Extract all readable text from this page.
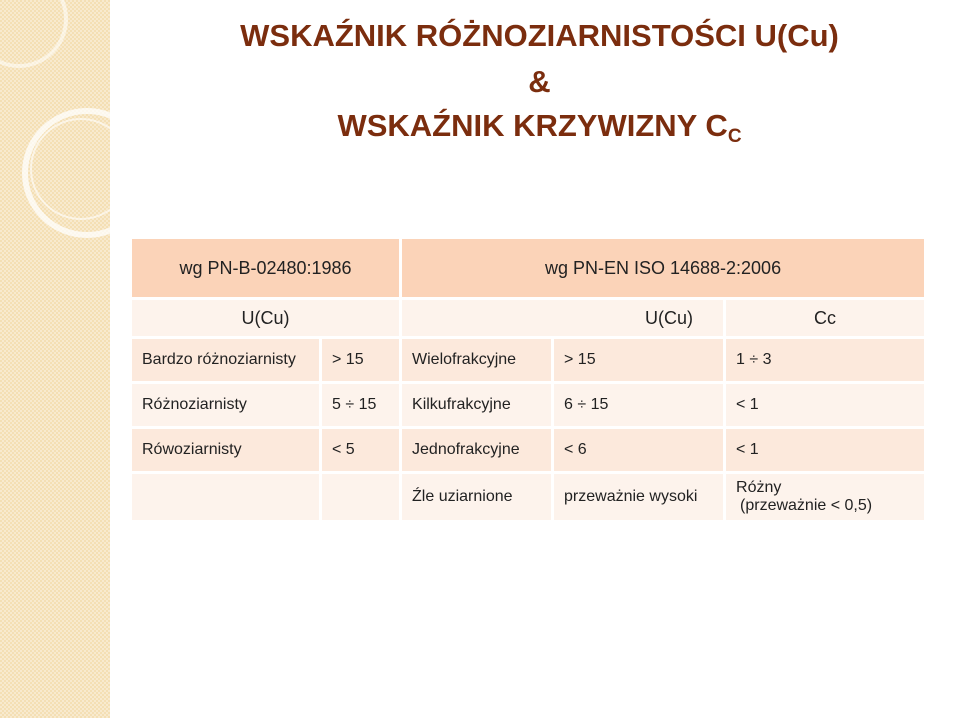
WSKAŹNIK RÓŻNOZIARNISTOŚCI U(Cu)
&
WSKAŹNIK KRZYWIZNY $C_C$
wg PN-B-02480:1986		wg PN-EN ISO 14688-2:2006		
U(Cu)		U(Cu)		Cc
Bardzo różnoziarnisty	> 15	Wielofrakcyjne	> 15	1 ÷ 3
Różnoziarnisty	5 ÷ 15	Kilkufrakcyjne	6 ÷ 15	< 1
Rówoziarnisty	< 5	Jednofrakcyjne	< 6	< 1
		Źle uziarnione	przeważnie wysoki	Różny
(przeważnie < 0,5)
